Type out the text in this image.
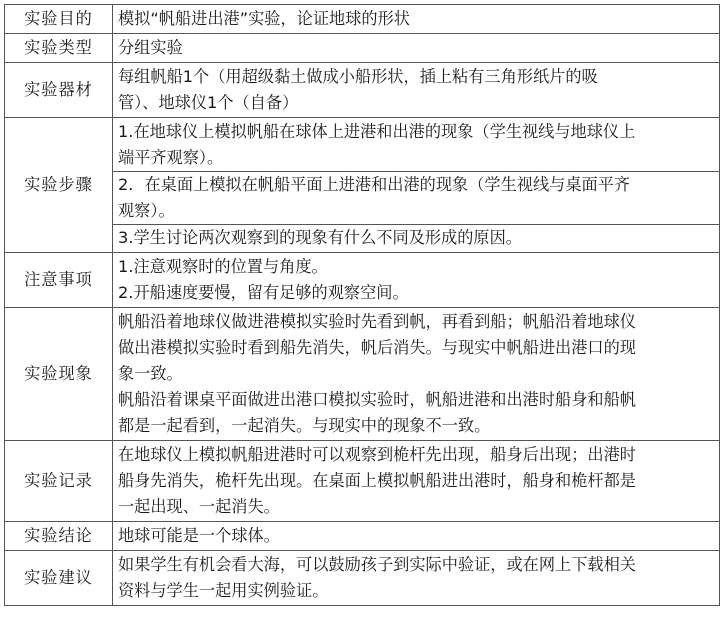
实验目的	模拟“帆船进出港”实验，论证地球的形状

实验类型	分组实验

实验器材	每组帆船1个（用超级黏土做成小船形状，插上粘有三角形纸片的吸
管）、地球仪1个（自备）

实验步骤	1.在地球仪上模拟帆船在球体上进港和出港的现象（学生视线与地球仪上
端平齐观察）。
2．在桌面上模拟在帆船平面上进港和出港的现象（学生视线与桌面平齐
观察）。
3.学生讨论两次观察到的现象有什么不同及形成的原因。

注意事项	1.注意观察时的位置与角度。
2.开船速度要慢，留有足够的观察空间。

实验现象	帆船沿着地球仪做进港模拟实验时先看到帆，再看到船；帆船沿着地球仪
做出港模拟实验时看到船先消失，帆后消失。与现实中帆船进出港口的现
象一致。
帆船沿着课桌平面做进出港口模拟实验时，帆船进港和出港时船身和船帆
都是一起看到，一起消失。与现实中的现象不一致。

实验记录	在地球仪上模拟帆船进港时可以观察到桅杆先出现，船身后出现；出港时
船身先消失，桅杆先出现。在桌面上模拟帆船进出港时，船身和桅杆都是
一起出现、一起消失。

实验结论	地球可能是一个球体。

实验建议	如果学生有机会看大海，可以鼓励孩子到实际中验证，或在网上下载相关
资料与学生一起用实例验证。
